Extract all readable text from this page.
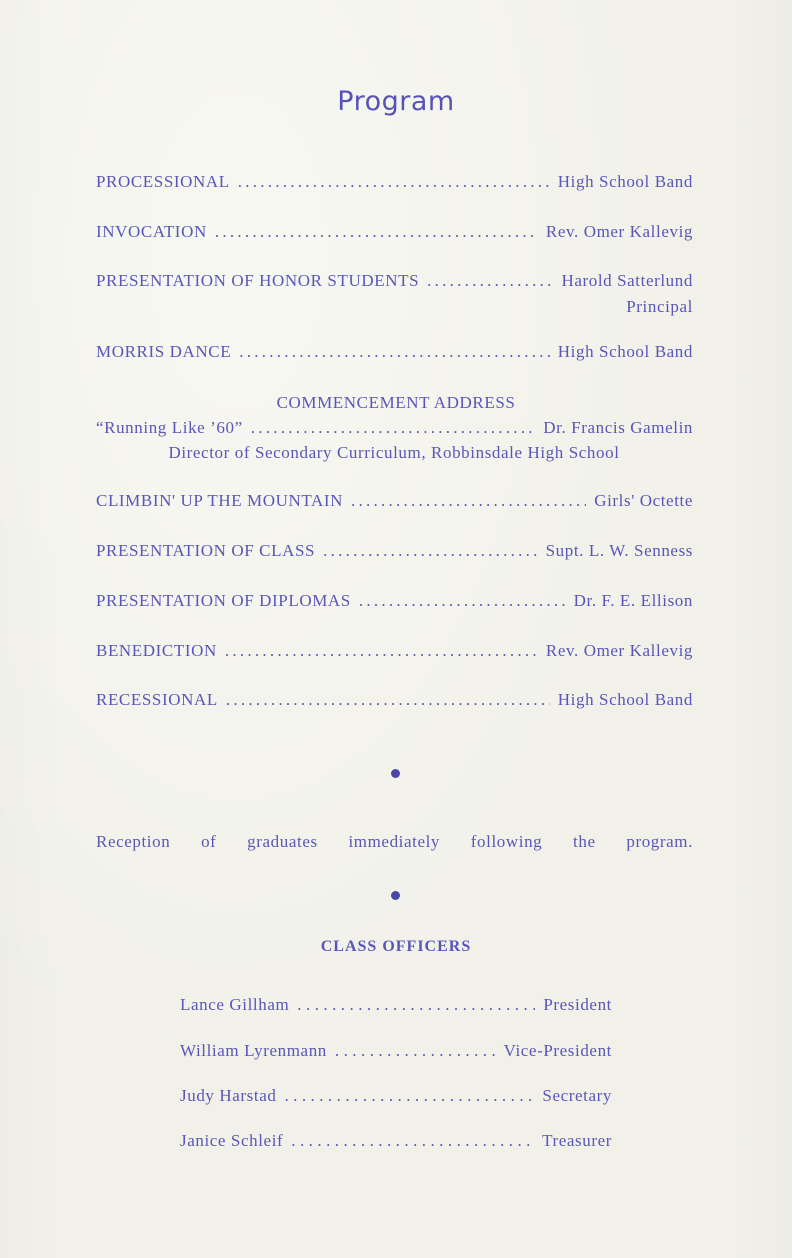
Program
PROCESSIONAL . . .	High School Band
INVOCATION . . .	Rev. Omer Kallevig
PRESENTATION OF HONOR STUDENTS . . .	Harold Satterlund
Principal
MORRIS DANCE . . .	High School Band
COMMENCEMENT ADDRESS
“Running Like ’60” . . .	Dr. Francis Gamelin
Director of Secondary Curriculum, Robbinsdale High School
CLIMBIN' UP THE MOUNTAIN . . .	Girls' Octette
PRESENTATION OF CLASS . . .	Supt. L. W. Senness
PRESENTATION OF DIPLOMAS . . .	Dr. F. E. Ellison
BENEDICTION . . .	Rev. Omer Kallevig
RECESSIONAL . . .	High School Band
Reception of graduates immediately following the program.
CLASS OFFICERS
Lance Gillham . . .	President
William Lyrenmann . . .	Vice-President
Judy Harstad . . .	Secretary
Janice Schleif . . .	Treasurer
